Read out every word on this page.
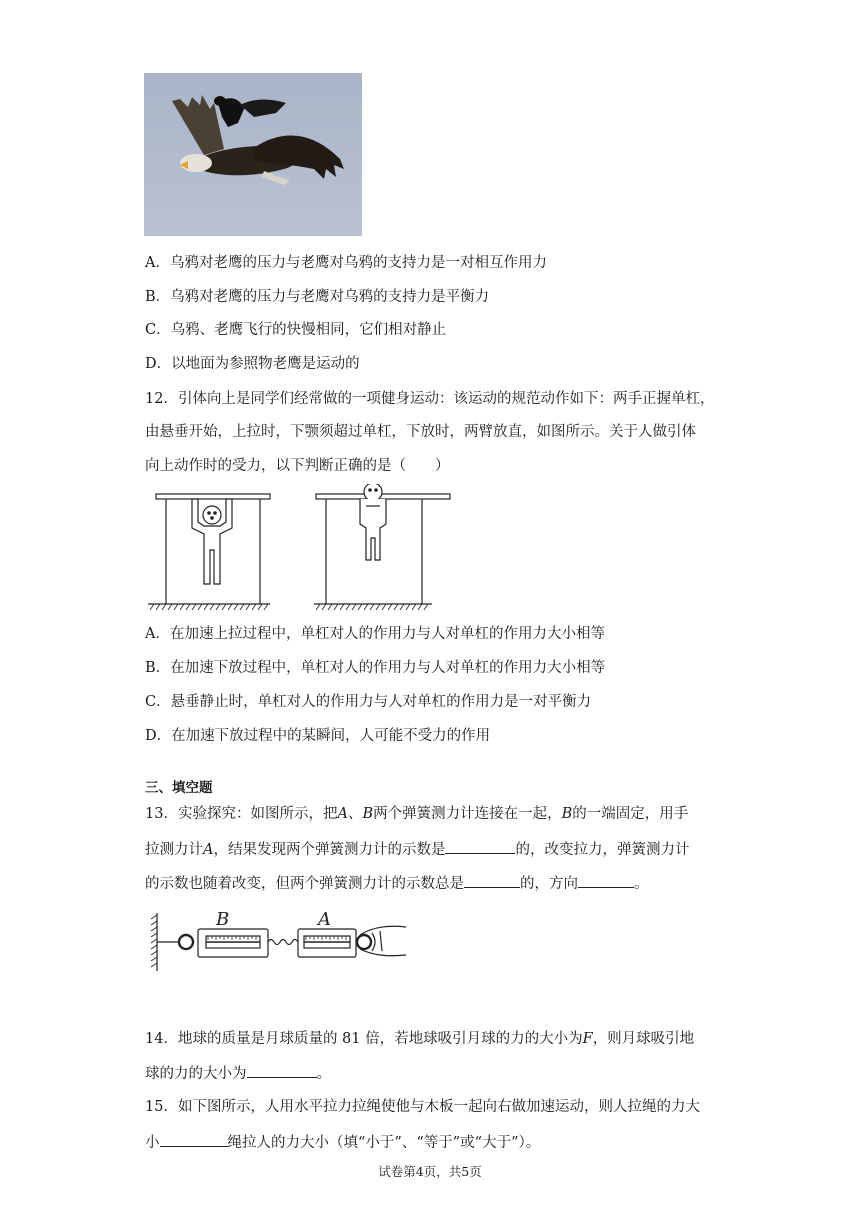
A．乌鸦对老鹰的压力与老鹰对乌鸦的支持力是一对相互作用力
B．乌鸦对老鹰的压力与老鹰对乌鸦的支持力是平衡力
C．乌鸦、老鹰飞行的快慢相同，它们相对静止
D．以地面为参照物老鹰是运动的
12．引体向上是同学们经常做的一项健身运动：该运动的规范动作如下：两手正握单杠，
由悬垂开始，上拉时，下颚须超过单杠，下放时，两臂放直，如图所示。关于人做引体
向上动作时的受力，以下判断正确的是（　　）
A．在加速上拉过程中，单杠对人的作用力与人对单杠的作用力大小相等
B．在加速下放过程中，单杠对人的作用力与人对单杠的作用力大小相等
C．悬垂静止时，单杠对人的作用力与人对单杠的作用力是一对平衡力
D．在加速下放过程中的某瞬间，人可能不受力的作用
三、填空题
13．实验探究：如图所示，把A、B两个弹簧测力计连接在一起，B的一端固定，用手
拉测力计A，结果发现两个弹簧测力计的示数是	的，改变拉力，弹簧测力计
的示数也随着改变，但两个弹簧测力计的示数总是	的，方向	。
B	A
14．地球的质量是月球质量的 81 倍，若地球吸引月球的力的大小为F，则月球吸引地
球的力的大小为	。
15．如下图所示，人用水平拉力拉绳使他与木板一起向右做加速运动，则人拉绳的力大
小	绳拉人的力大小（填“小于”、“等于”或“大于”）。
试卷第4页，共5页
